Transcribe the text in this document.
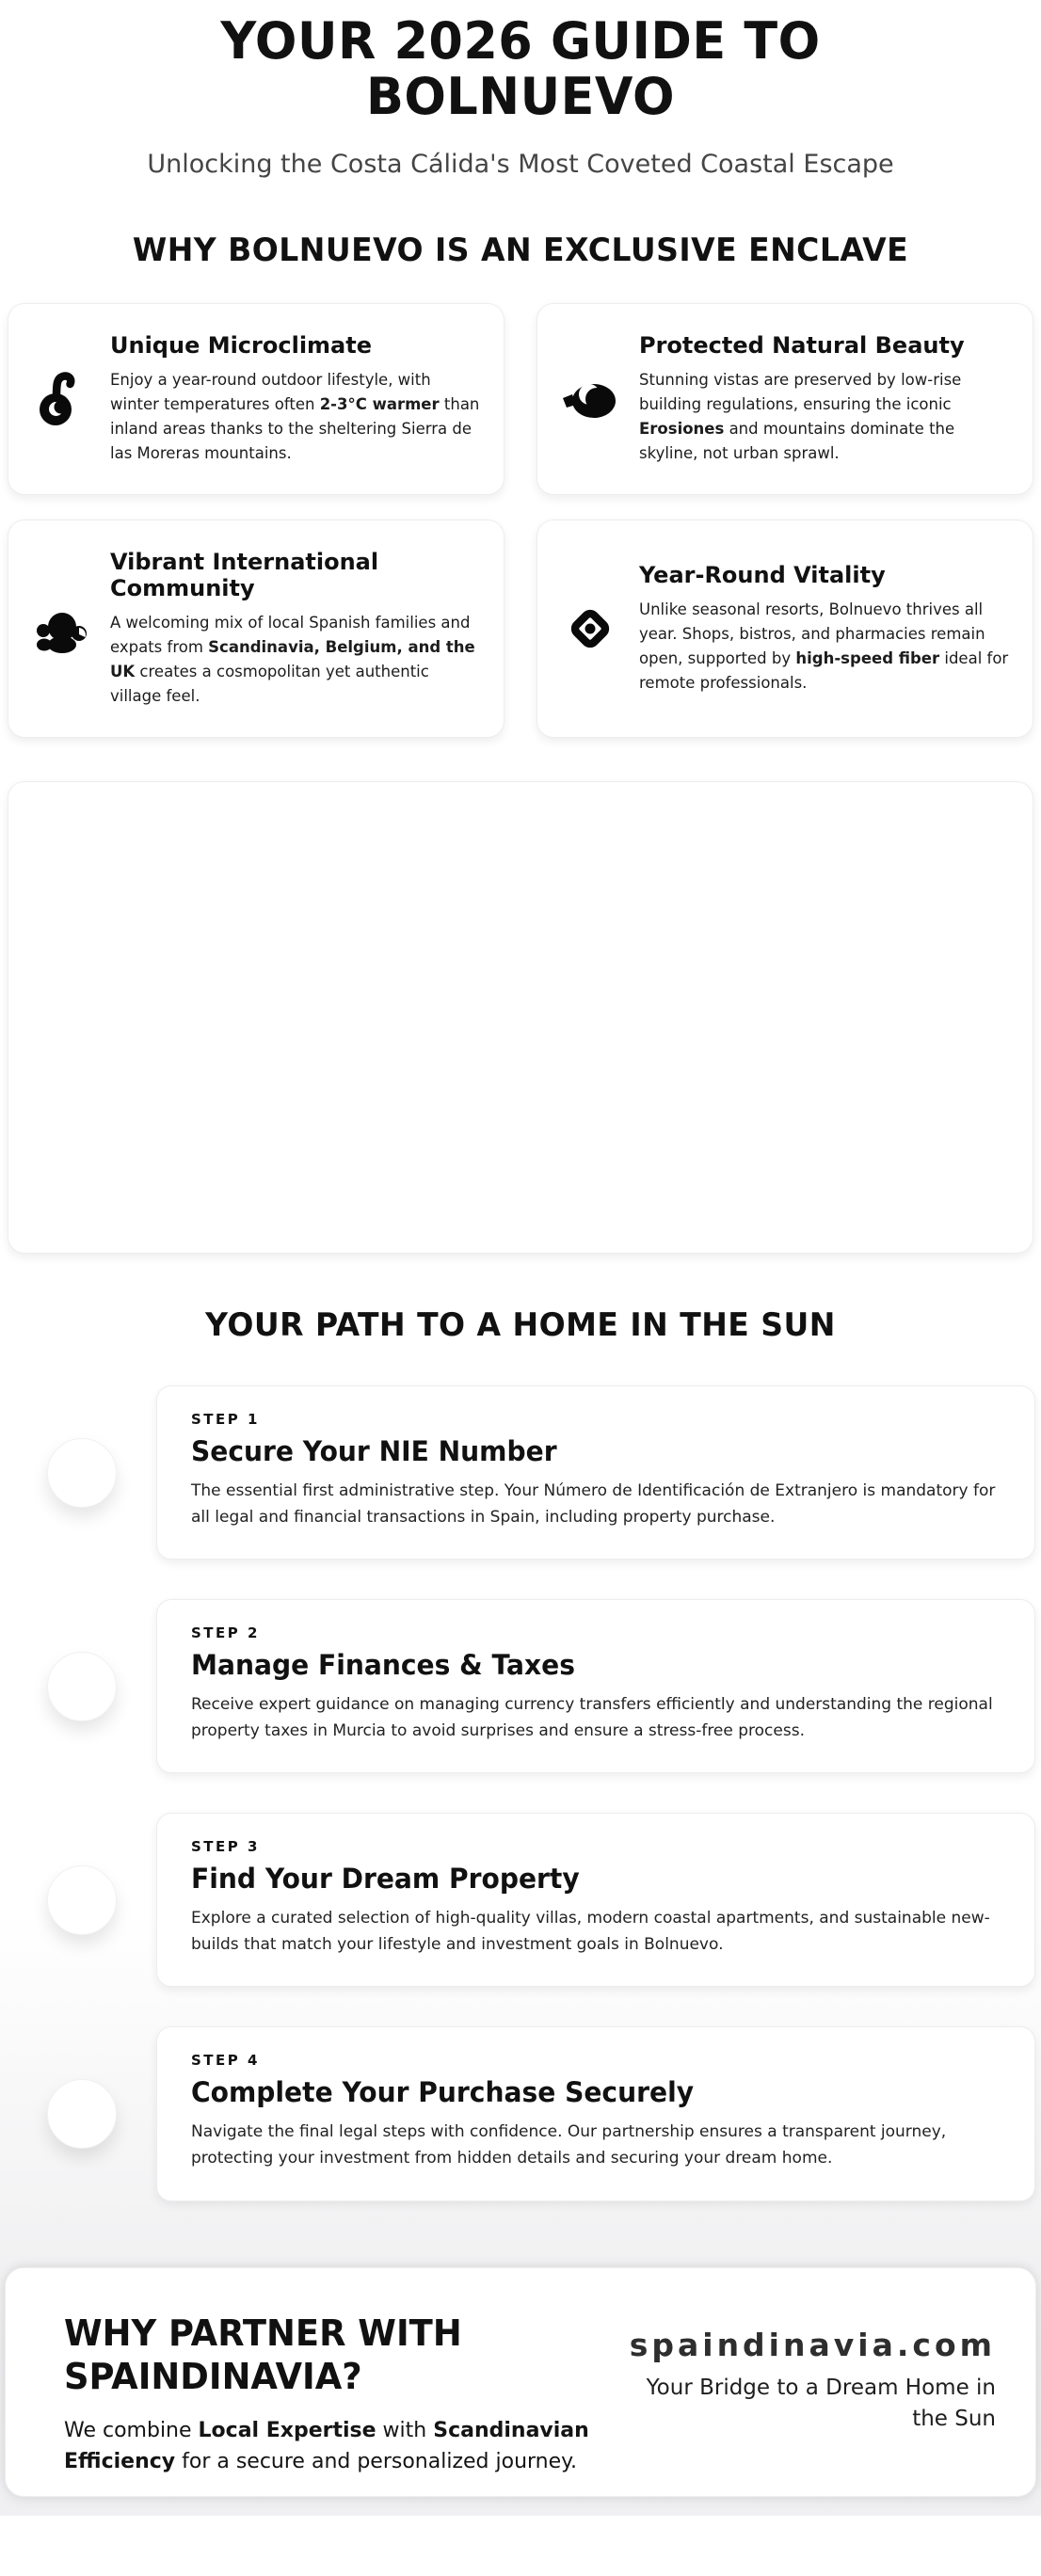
YOUR 2026 GUIDE TO BOLNUEVO
Unlocking the Costa Cálida's Most Coveted Coastal Escape
WHY BOLNUEVO IS AN EXCLUSIVE ENCLAVE
Unique Microclimate
Enjoy a year-round outdoor lifestyle, with winter temperatures often 2-3°C warmer than inland areas thanks to the sheltering Sierra de las Moreras mountains.
Protected Natural Beauty
Stunning vistas are preserved by low-rise building regulations, ensuring the iconic Erosiones and mountains dominate the skyline, not urban sprawl.
Vibrant International Community
A welcoming mix of local Spanish families and expats from Scandinavia, Belgium, and the UK creates a cosmopolitan yet authentic village feel.
Year-Round Vitality
Unlike seasonal resorts, Bolnuevo thrives all year. Shops, bistros, and pharmacies remain open, supported by high-speed fiber ideal for remote professionals.
YOUR PATH TO A HOME IN THE SUN
STEP 1
Secure Your NIE Number
The essential first administrative step. Your Número de Identificación de Extranjero is mandatory for all legal and financial transactions in Spain, including property purchase.
STEP 2
Manage Finances & Taxes
Receive expert guidance on managing currency transfers efficiently and understanding the regional property taxes in Murcia to avoid surprises and ensure a stress-free process.
STEP 3
Find Your Dream Property
Explore a curated selection of high-quality villas, modern coastal apartments, and sustainable new-builds that match your lifestyle and investment goals in Bolnuevo.
STEP 4
Complete Your Purchase Securely
Navigate the final legal steps with confidence. Our partnership ensures a transparent journey, protecting your investment from hidden details and securing your dream home.
WHY PARTNER WITH SPAINDINAVIA?
We combine Local Expertise with Scandinavian Efficiency for a secure and personalized journey.
spaindinavia.com
Your Bridge to a Dream Home in the Sun
